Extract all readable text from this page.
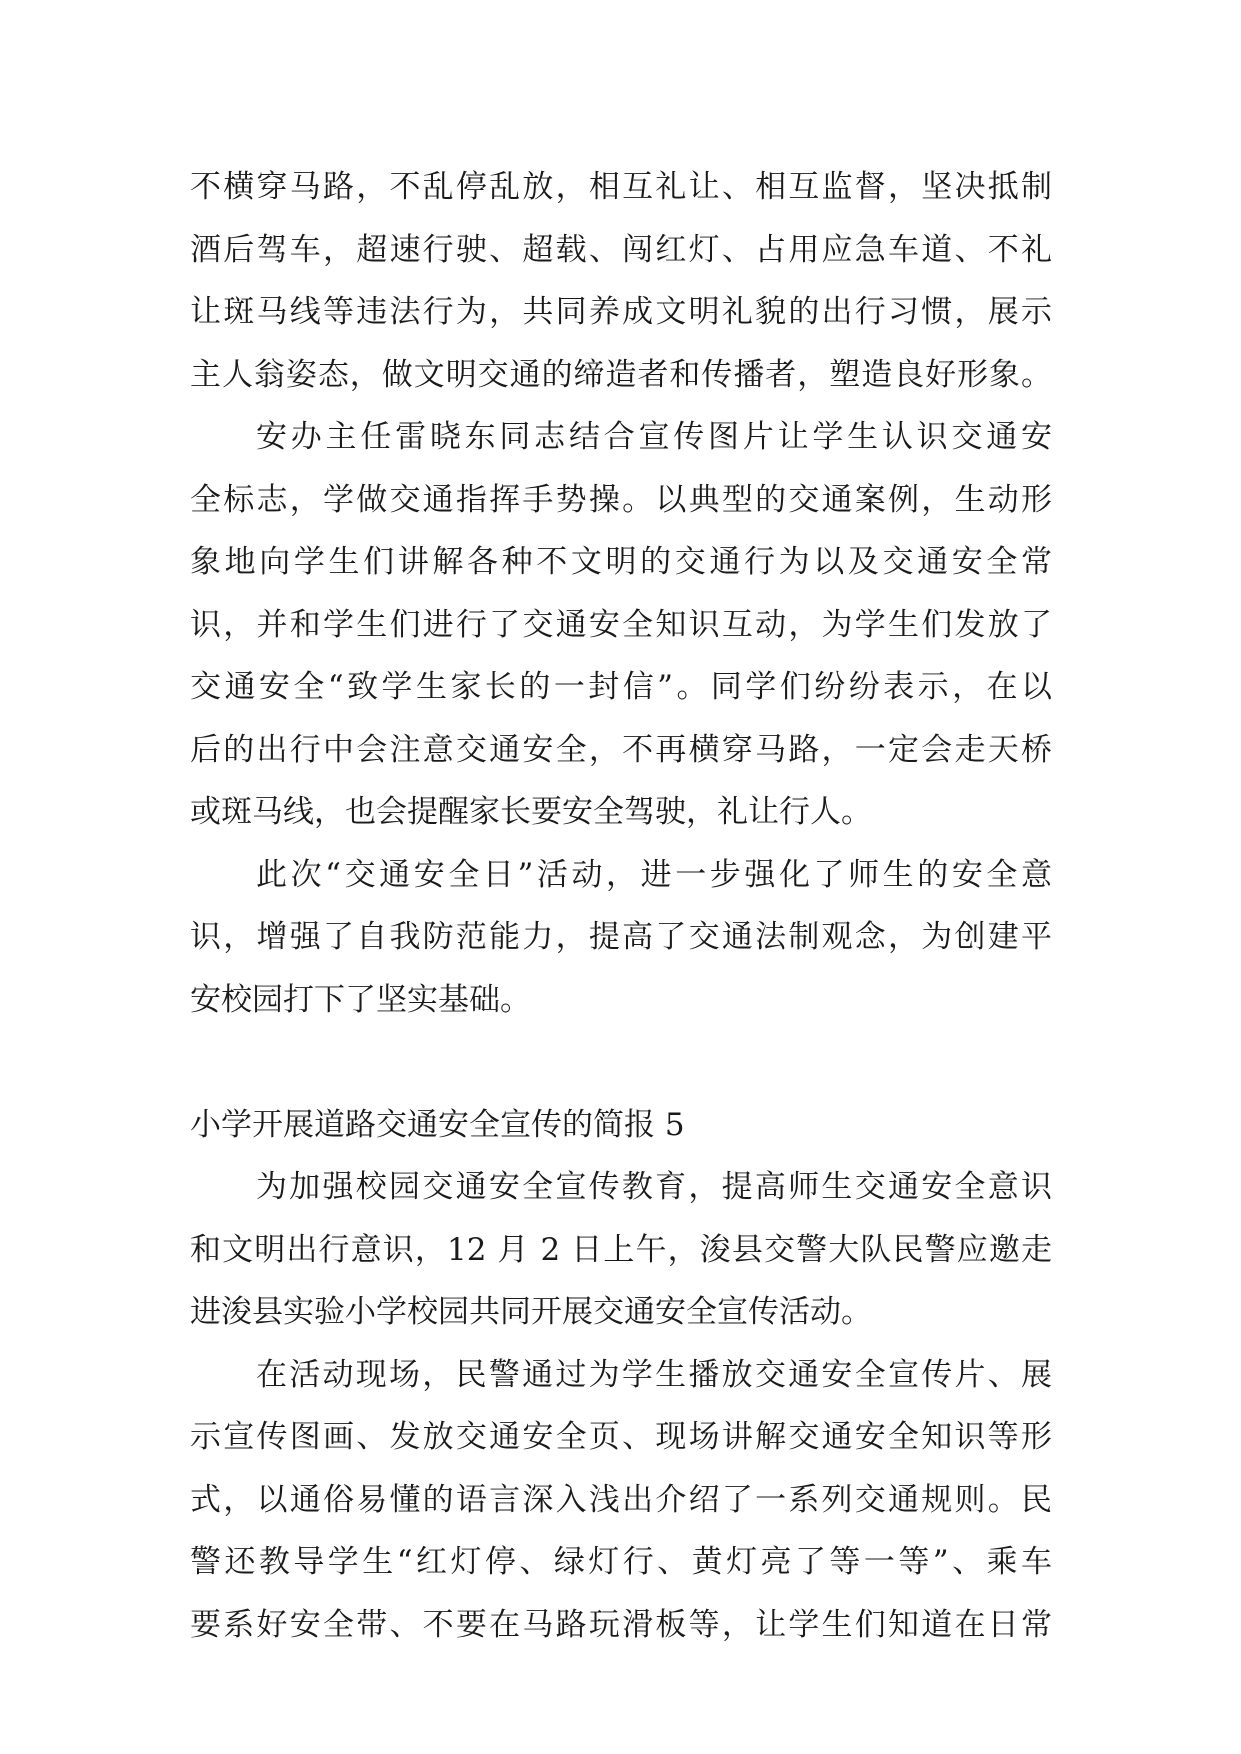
不横穿马路，不乱停乱放，相互礼让、相互监督，坚决抵制
酒后驾车，超速行驶、超载、闯红灯、占用应急车道、不礼
让斑马线等违法行为，共同养成文明礼貌的出行习惯，展示
主人翁姿态，做文明交通的缔造者和传播者，塑造良好形象。
安办主任雷晓东同志结合宣传图片让学生认识交通安
全标志，学做交通指挥手势操。以典型的交通案例，生动形
象地向学生们讲解各种不文明的交通行为以及交通安全常
识，并和学生们进行了交通安全知识互动，为学生们发放了
交通安全“致学生家长的一封信”。同学们纷纷表示，在以
后的出行中会注意交通安全，不再横穿马路，一定会走天桥
或斑马线，也会提醒家长要安全驾驶，礼让行人。
此次“交通安全日”活动，进一步强化了师生的安全意
识，增强了自我防范能力，提高了交通法制观念，为创建平
安校园打下了坚实基础。
小学开展道路交通安全宣传的简报 5
为加强校园交通安全宣传教育，提高师生交通安全意识
和文明出行意识，12 月 2 日上午，浚县交警大队民警应邀走
进浚县实验小学校园共同开展交通安全宣传活动。
在活动现场，民警通过为学生播放交通安全宣传片、展
示宣传图画、发放交通安全页、现场讲解交通安全知识等形
式，以通俗易懂的语言深入浅出介绍了一系列交通规则。民
警还教导学生“红灯停、绿灯行、黄灯亮了等一等”、乘车
要系好安全带、不要在马路玩滑板等，让学生们知道在日常
